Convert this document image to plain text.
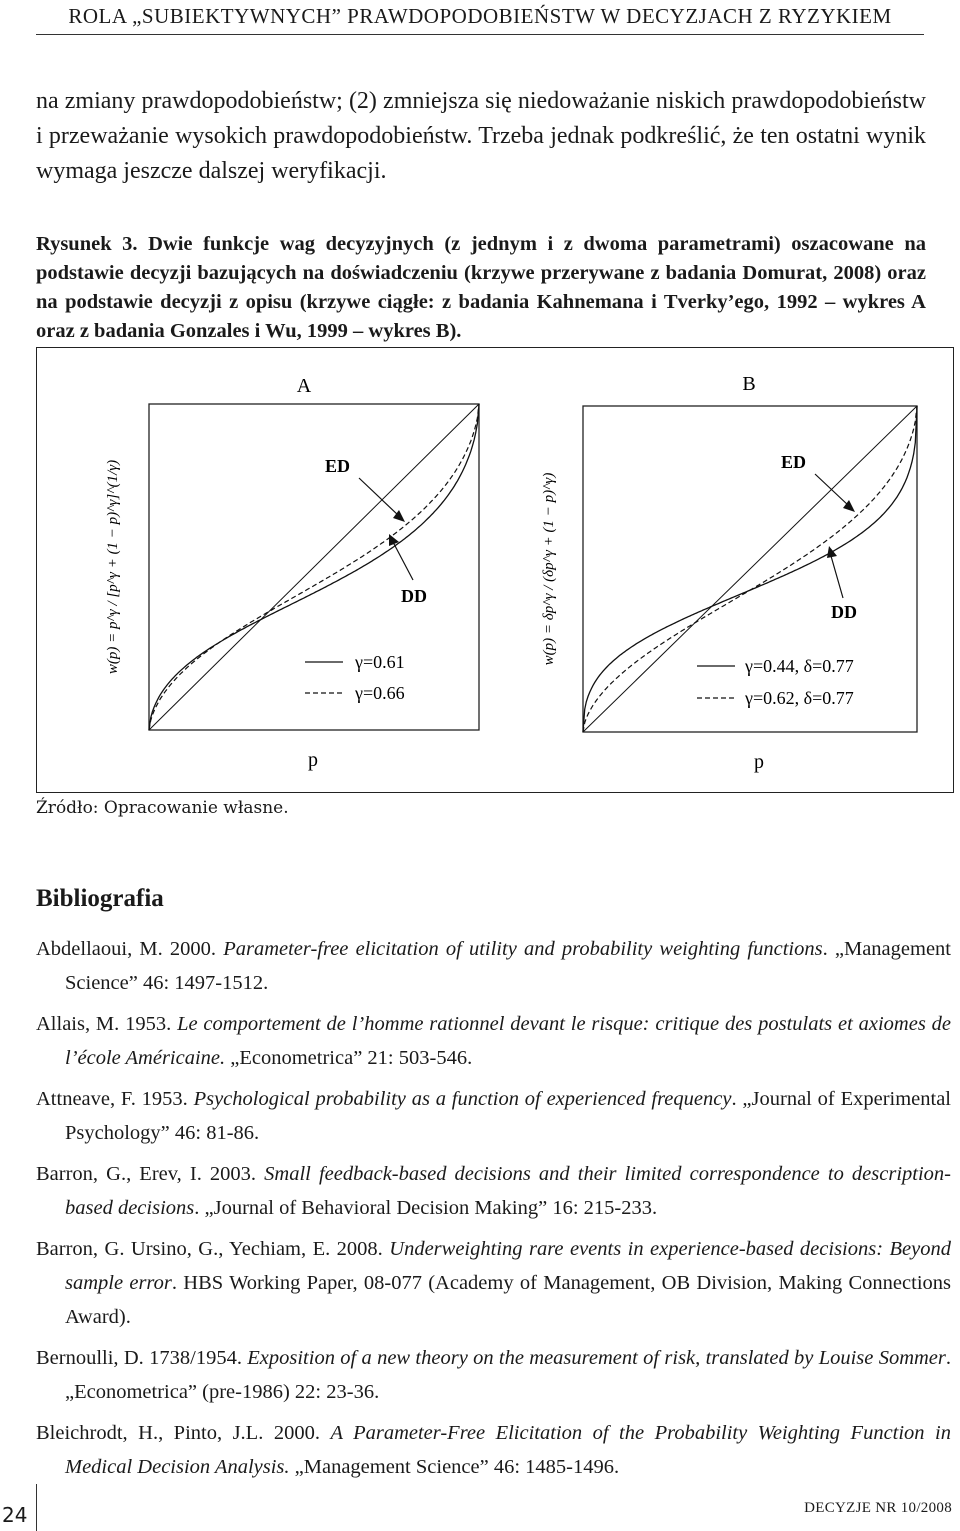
ROLA „SUBIEKTYWNYCH” PRAWDOPODOBIEŃSTW W DECYZJACH Z RYZYKIEM

na zmiany prawdopodobieństw; (2) zmniejsza się niedoważanie niskich prawdopodobieństw i przeważanie wysokich prawdopodobieństw. Trzeba jednak podkreślić, że ten ostatni wynik wymaga jeszcze dalszej weryfikacji.

Rysunek 3. Dwie funkcje wag decyzyjnych (z jednym i z dwoma parametrami) oszacowane na podstawie decyzji bazujących na doświadczeniu (krzywe przerywane z badania Domurat, 2008) oraz na podstawie decyzji z opisu (krzywe ciągłe: z badania Kahnemana i Tverky’ego, 1992 – wykres A oraz z badania Gonzales i Wu, 1999 – wykres B).

A
w(p) = p^γ / [p^γ + (1 − p)^γ]^(1/γ)	ED
DD
γ=0.61
γ=0.66
p
B
w(p) = δp^γ / (δp^γ + (1 − p)^γ)
ED
DD
γ=0.44, δ=0.77
γ=0.62, δ=0.77
p
Źródło: Opracowanie własne.
Bibliografia
Abdellaoui, M. 2000. Parameter-free elicitation of utility and probability weighting functions. „Management Science” 46: 1497-1512.
Allais, M. 1953. Le comportement de l’homme rationnel devant le risque: critique des postulats et axiomes de l’école Américaine. „Econometrica” 21: 503-546.
Attneave, F. 1953. Psychological probability as a function of experienced frequency. „Journal of Experimental Psychology” 46: 81-86.
Barron, G., Erev, I. 2003. Small feedback-based decisions and their limited correspondence to description-based decisions. „Journal of Behavioral Decision Making” 16: 215-233.
Barron, G. Ursino, G., Yechiam, E. 2008. Underweighting rare events in experience-based decisions: Beyond sample error. HBS Working Paper, 08-077 (Academy of Management, OB Division, Making Connections Award).
Bernoulli, D. 1738/1954. Exposition of a new theory on the measurement of risk, translated by Louise Sommer. „Econometrica” (pre-1986) 22: 23-36.
Bleichrodt, H., Pinto, J.L. 2000. A Parameter-Free Elicitation of the Probability Weighting Function in Medical Decision Analysis. „Management Science” 46: 1485-1496.
24	DECYZJE NR 10/2008
